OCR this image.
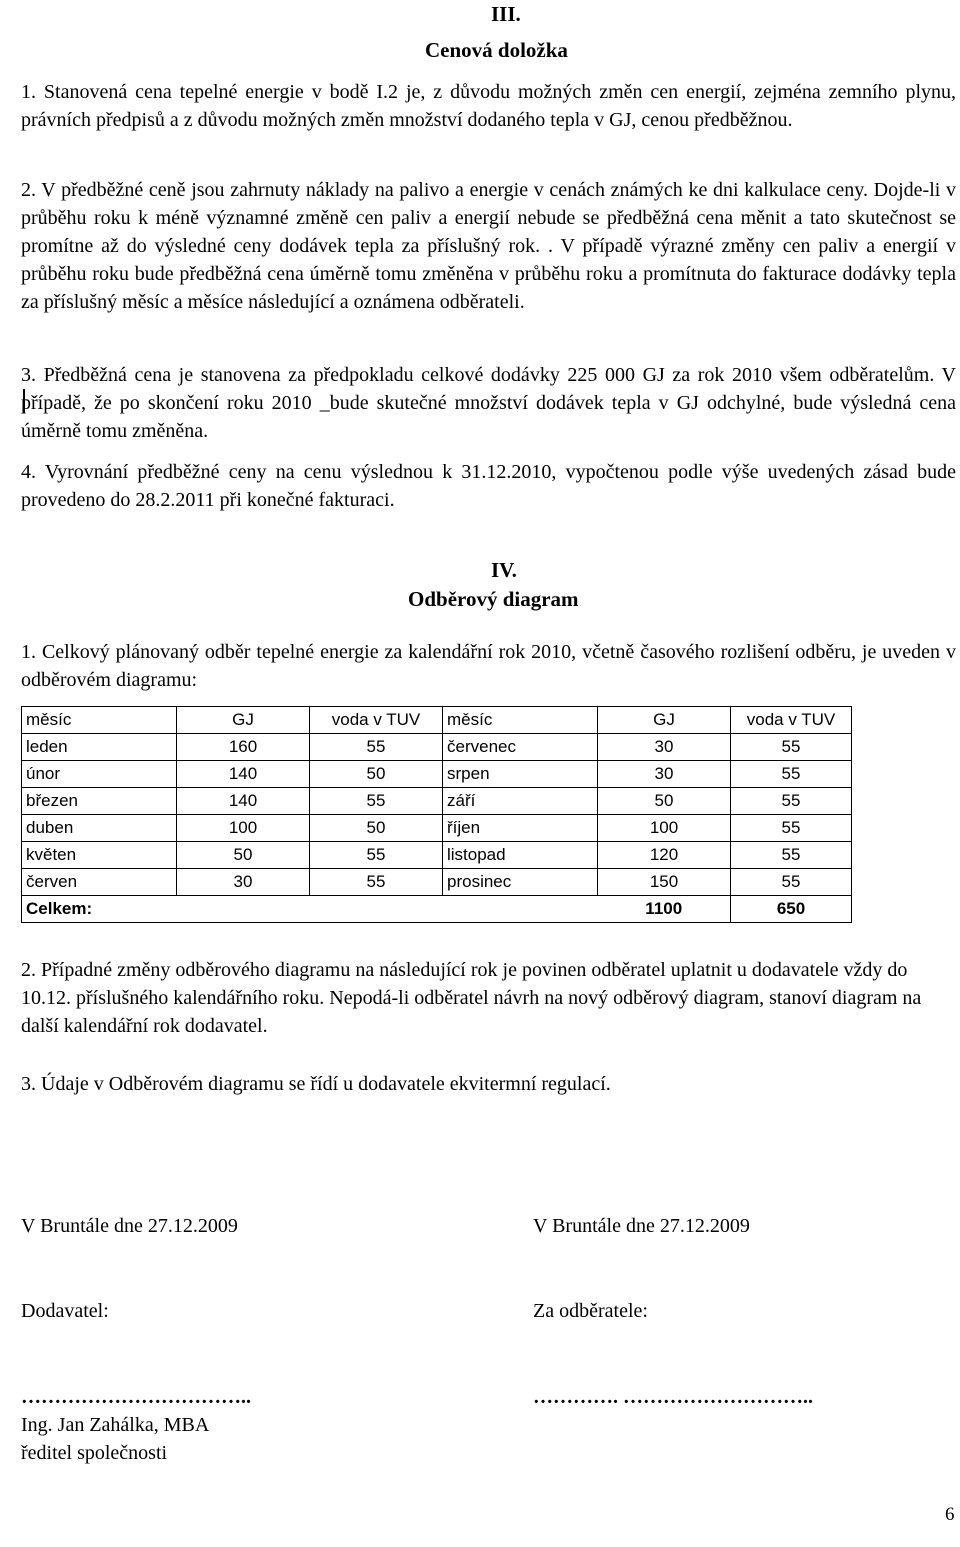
III.
Cenová doložka

1. Stanovená cena tepelné energie v bodě I.2 je, z důvodu možných změn cen energií, zejména zemního plynu, právních předpisů a z důvodu možných změn množství dodaného tepla v GJ, cenou předběžnou.

2. V předběžné ceně jsou zahrnuty náklady na palivo a energie v cenách známých ke dni kalkulace ceny. Dojde-li v průběhu roku k méně významné změně cen paliv a energií nebude se předběžná cena měnit a tato skutečnost se promítne až do výsledné ceny dodávek tepla za příslušný rok. . V případě výrazné změny cen paliv a energií v průběhu roku bude předběžná cena úměrně tomu změněna v průběhu roku a promítnuta do fakturace dodávky tepla za příslušný měsíc a měsíce následující a oznámena odběrateli.

3. Předběžná cena je stanovena za předpokladu celkové dodávky 225 000 GJ za rok 2010 všem odběratelům. V případě, že po skončení roku 2010 _bude skutečné množství dodávek tepla v GJ odchylné, bude výsledná cena úměrně tomu změněna.

4. Vyrovnání předběžné ceny na cenu výslednou k 31.12.2010, vypočtenou podle výše uvedených zásad bude provedeno do 28.2.2011 při konečné fakturaci.

IV.
Odběrový diagram

1. Celkový plánovaný odběr tepelné energie za kalendářní rok 2010, včetně časového rozlišení odběru, je uveden v odběrovém diagramu:

měsíc	GJ	voda v TUV	měsíc	GJ	voda v TUV
leden	160	55	červenec	30	55
únor	140	50	srpen	30	55
březen	140	55	září	50	55
duben	100	50	říjen	100	55
květen	50	55	listopad	120	55
červen	30	55	prosinec	150	55
Celkem:				1100	650

2. Případné změny odběrového diagramu na následující rok je povinen odběratel uplatnit u dodavatele vždy do 10.12. příslušného kalendářního roku. Nepodá-li odběratel návrh na nový odběrový diagram, stanoví diagram na další kalendářní rok dodavatel.

3. Údaje v Odběrovém diagramu se řídí u dodavatele ekvitermní regulací.

V Bruntále dne 27.12.2009	V Bruntále dne 27.12.2009
Dodavatel:	Za odběratele:
……………………………..	…………. ………………………..
Ing. Jan Zahálka, MBA
ředitel společnosti
6
